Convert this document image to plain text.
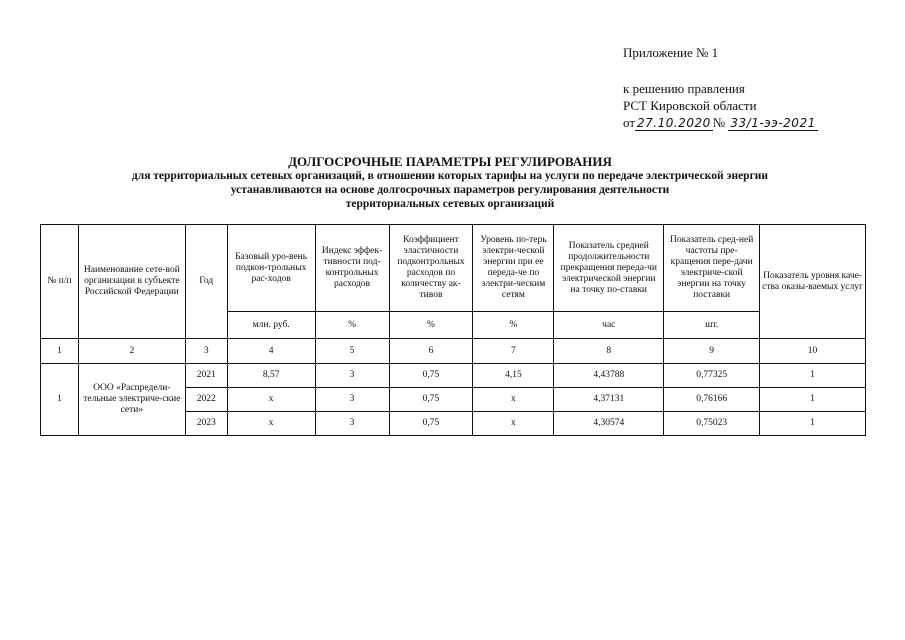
Приложение № 1
к решению правления
РСТ Кировской области
от 27.10.2020 № 33/1-ээ-2021
ДОЛГОСРОЧНЫЕ ПАРАМЕТРЫ РЕГУЛИРОВАНИЯ
для территориальных сетевых организаций, в отношении которых тарифы на услуги по передаче электрической энергии
устанавливаются на основе долгосрочных параметров регулирования деятельности
территориальных сетевых организаций
№ п/п	Наименование сете-вой организации в субъекте Российской Федерации	Год	Базовый уро-вень подкон-трольных рас-ходов	Индекс эффек-тивности под-контрольных расходов	Коэффициент эластичности подконтрольных расходов по количеству ак-тивов	Уровень по-терь электри-ческой энергии при ее переда-че по электри-ческим сетям	Показатель средней продолжительности прекращения переда-чи электрической энергии на точку по-ставки	Показатель сред-ней частоты пре-кращения пере-дачи электриче-ской энергии на точку поставки	Показатель уровня каче-ства оказы-ваемых услуг
			млн. руб.	%	%	%	час	шт.	
1	2	3	4	5	6	7	8	9	10
1	ООО «Распредели-тельные электриче-ские сети»	2021	8,57	3	0,75	4,15	4,43788	0,77325	1
		2022	x	3	0,75	x	4,37131	0,76166	1
		2023	x	3	0,75	x	4,30574	0,75023	1
